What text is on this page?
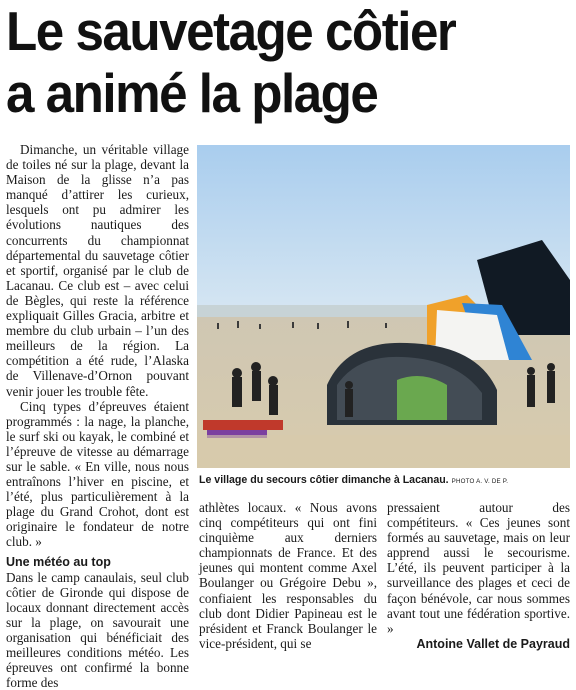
Le sauvetage côtier
a animé la plage

Dimanche, un véritable village de toiles né sur la plage, devant la Maison de la glisse n’a pas manqué d’attirer les curieux, lesquels ont pu admirer les évolutions nautiques des concurrents du championnat départemental du sauvetage côtier et sportif, organisé par le club de Lacanau. Ce club est – avec celui de Bègles, qui reste la référence expliquait Gilles Gracia, arbitre et membre du club urbain – l’un des meilleurs de la région. La compétition a été rude, l’Alaska de Villenave-d’Ornon pouvant venir jouer les trouble fête.

Cinq types d’épreuves étaient programmés : la nage, la planche, le surf ski ou kayak, le combiné et l’épreuve de vitesse au démarrage sur le sable. « En ville, nous nous entraînons l’hiver en piscine, et l’été, plus particulièrement à la plage du Grand Crohot, dont est originaire le fondateur de notre club. »

Une météo au top

Dans le camp canaulais, seul club côtier de Gironde qui dispose de locaux donnant directement accès sur la plage, on savourait une organisation qui bénéficiait des meilleures conditions météo. Les épreuves ont confirmé la bonne forme des

Le village du secours côtier dimanche à Lacanau. PHOTO A. V. DE P.

athlètes locaux. « Nous avons cinq compétiteurs qui ont fini cinquième aux derniers championnats de France. Et des jeunes qui montent comme Axel Boulanger ou Grégoire Debu », confiaient les responsables du club dont Didier Papineau est le président et Franck Boulanger le vice-président, qui se

pressaient autour des compétiteurs. « Ces jeunes sont formés au sauvetage, mais on leur apprend aussi le secourisme. L’été, ils peuvent participer à la surveillance des plages et ceci de façon bénévole, car nous sommes avant tout une fédération sportive. »

Antoine Vallet de Payraud
